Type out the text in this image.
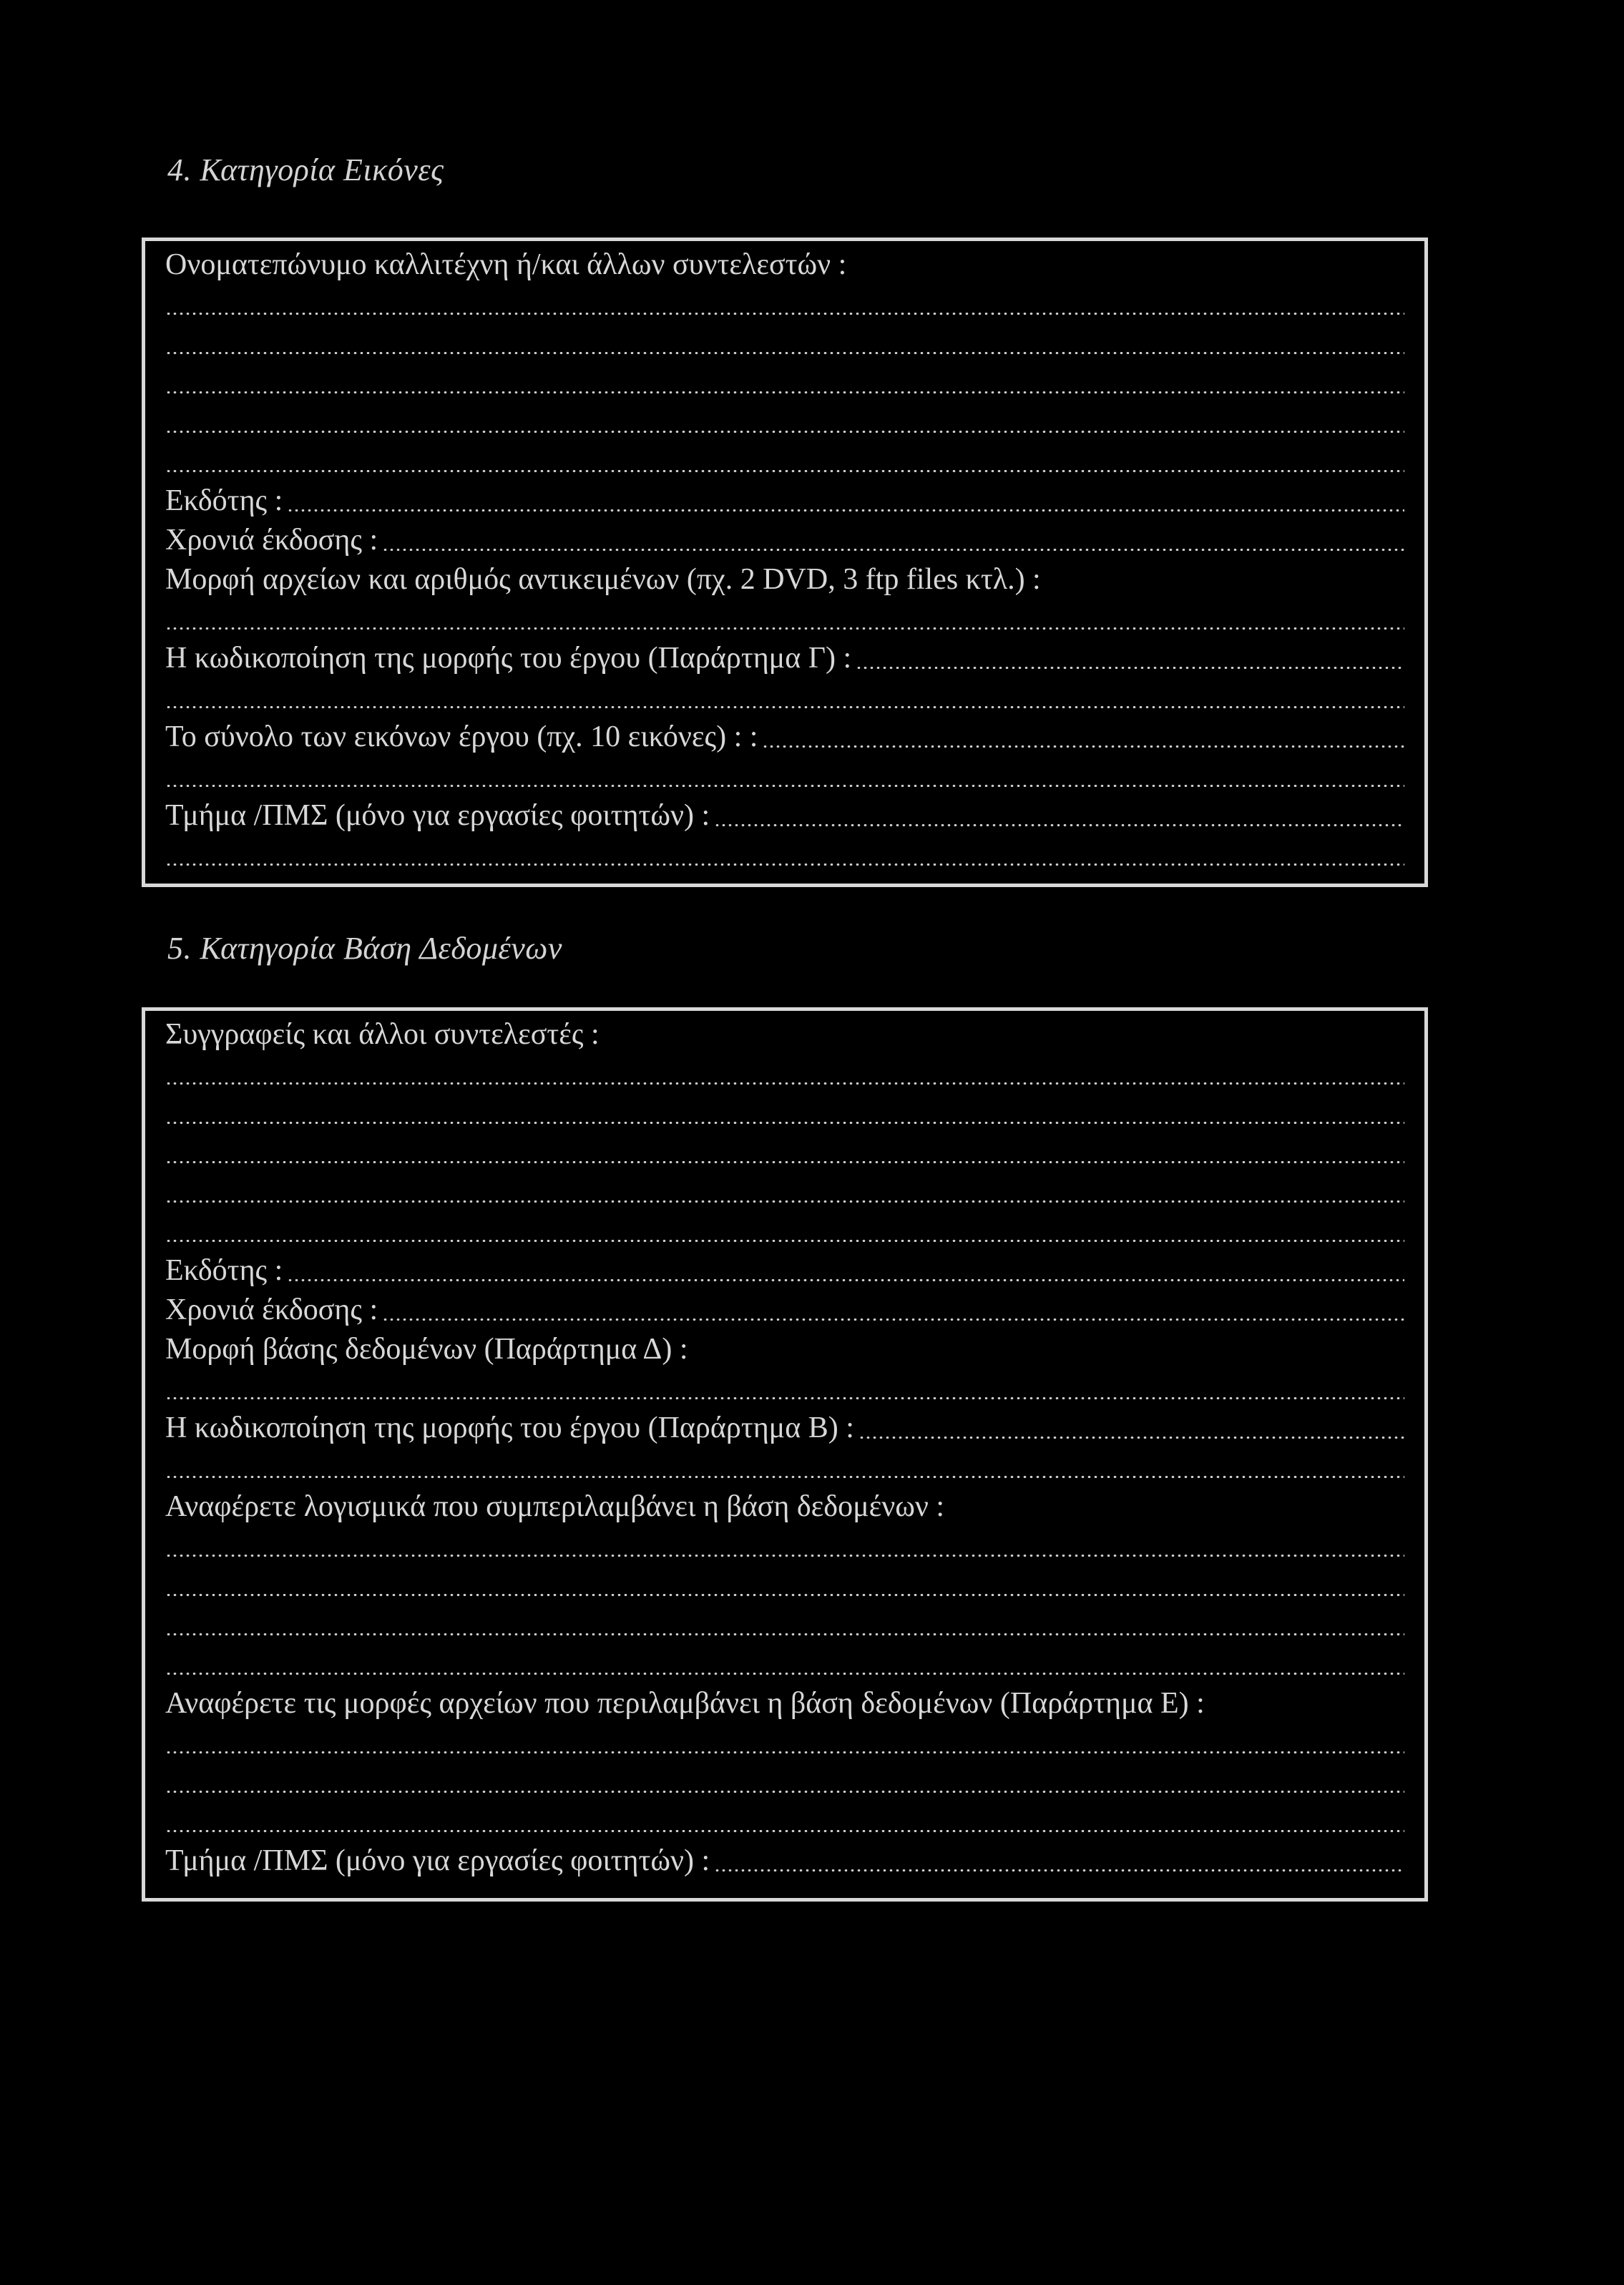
4. Κατηγορία Εικόνες
Ονοματεπώνυμο καλλιτέχνη ή/και άλλων συντελεστών :
Εκδότης :
Χρονιά έκδοσης :
Μορφή αρχείων και αριθμός αντικειμένων (πχ. 2 DVD, 3 ftp files κτλ.) :
Η κωδικοποίηση της μορφής του έργου (Παράρτημα Γ) :
Το σύνολο των εικόνων έργου (πχ. 10 εικόνες) : :
Τμήμα /ΠΜΣ (μόνο για εργασίες φοιτητών) :
5. Κατηγορία Βάση Δεδομένων
Συγγραφείς και άλλοι συντελεστές :
Εκδότης :
Χρονιά έκδοσης :
Μορφή βάσης δεδομένων (Παράρτημα Δ) :
Η κωδικοποίηση της μορφής του έργου (Παράρτημα Β) :
Αναφέρετε λογισμικά που συμπεριλαμβάνει η βάση δεδομένων :
Αναφέρετε τις μορφές αρχείων που περιλαμβάνει η βάση δεδομένων (Παράρτημα Ε) :
Τμήμα /ΠΜΣ (μόνο για εργασίες φοιτητών) :
